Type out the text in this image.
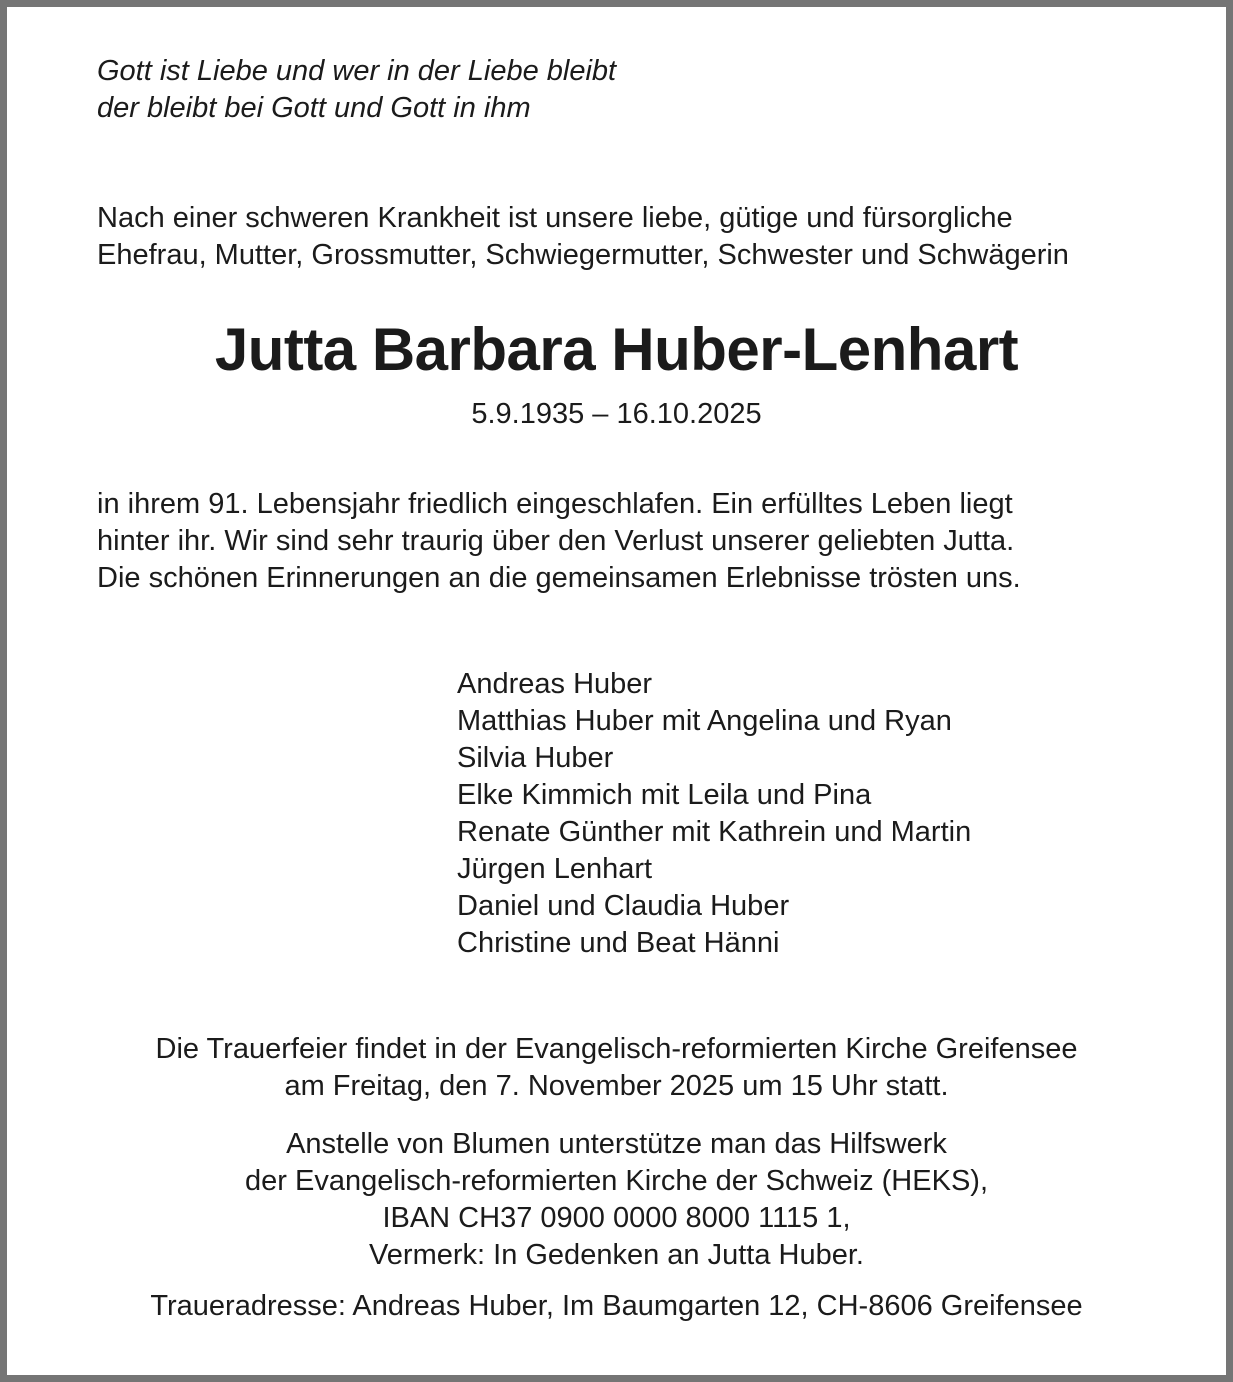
Gott ist Liebe und wer in der Liebe bleibt
der bleibt bei Gott und Gott in ihm
Nach einer schweren Krankheit ist unsere liebe, gütige und fürsorgliche
Ehefrau, Mutter, Grossmutter, Schwiegermutter, Schwester und Schwägerin
Jutta Barbara Huber-Lenhart
5.9.1935 – 16.10.2025
in ihrem 91. Lebensjahr friedlich eingeschlafen. Ein erfülltes Leben liegt
hinter ihr. Wir sind sehr traurig über den Verlust unserer geliebten Jutta.
Die schönen Erinnerungen an die gemeinsamen Erlebnisse trösten uns.
Andreas Huber
Matthias Huber mit Angelina und Ryan
Silvia Huber
Elke Kimmich mit Leila und Pina
Renate Günther mit Kathrein und Martin
Jürgen Lenhart
Daniel und Claudia Huber
Christine und Beat Hänni
Die Trauerfeier findet in der Evangelisch-reformierten Kirche Greifensee
am Freitag, den 7. November 2025 um 15 Uhr statt.
Anstelle von Blumen unterstütze man das Hilfswerk
der Evangelisch-reformierten Kirche der Schweiz (HEKS),
IBAN CH37 0900 0000 8000 1115 1,
Vermerk: In Gedenken an Jutta Huber.
Traueradresse: Andreas Huber, Im Baumgarten 12, CH-8606 Greifensee
